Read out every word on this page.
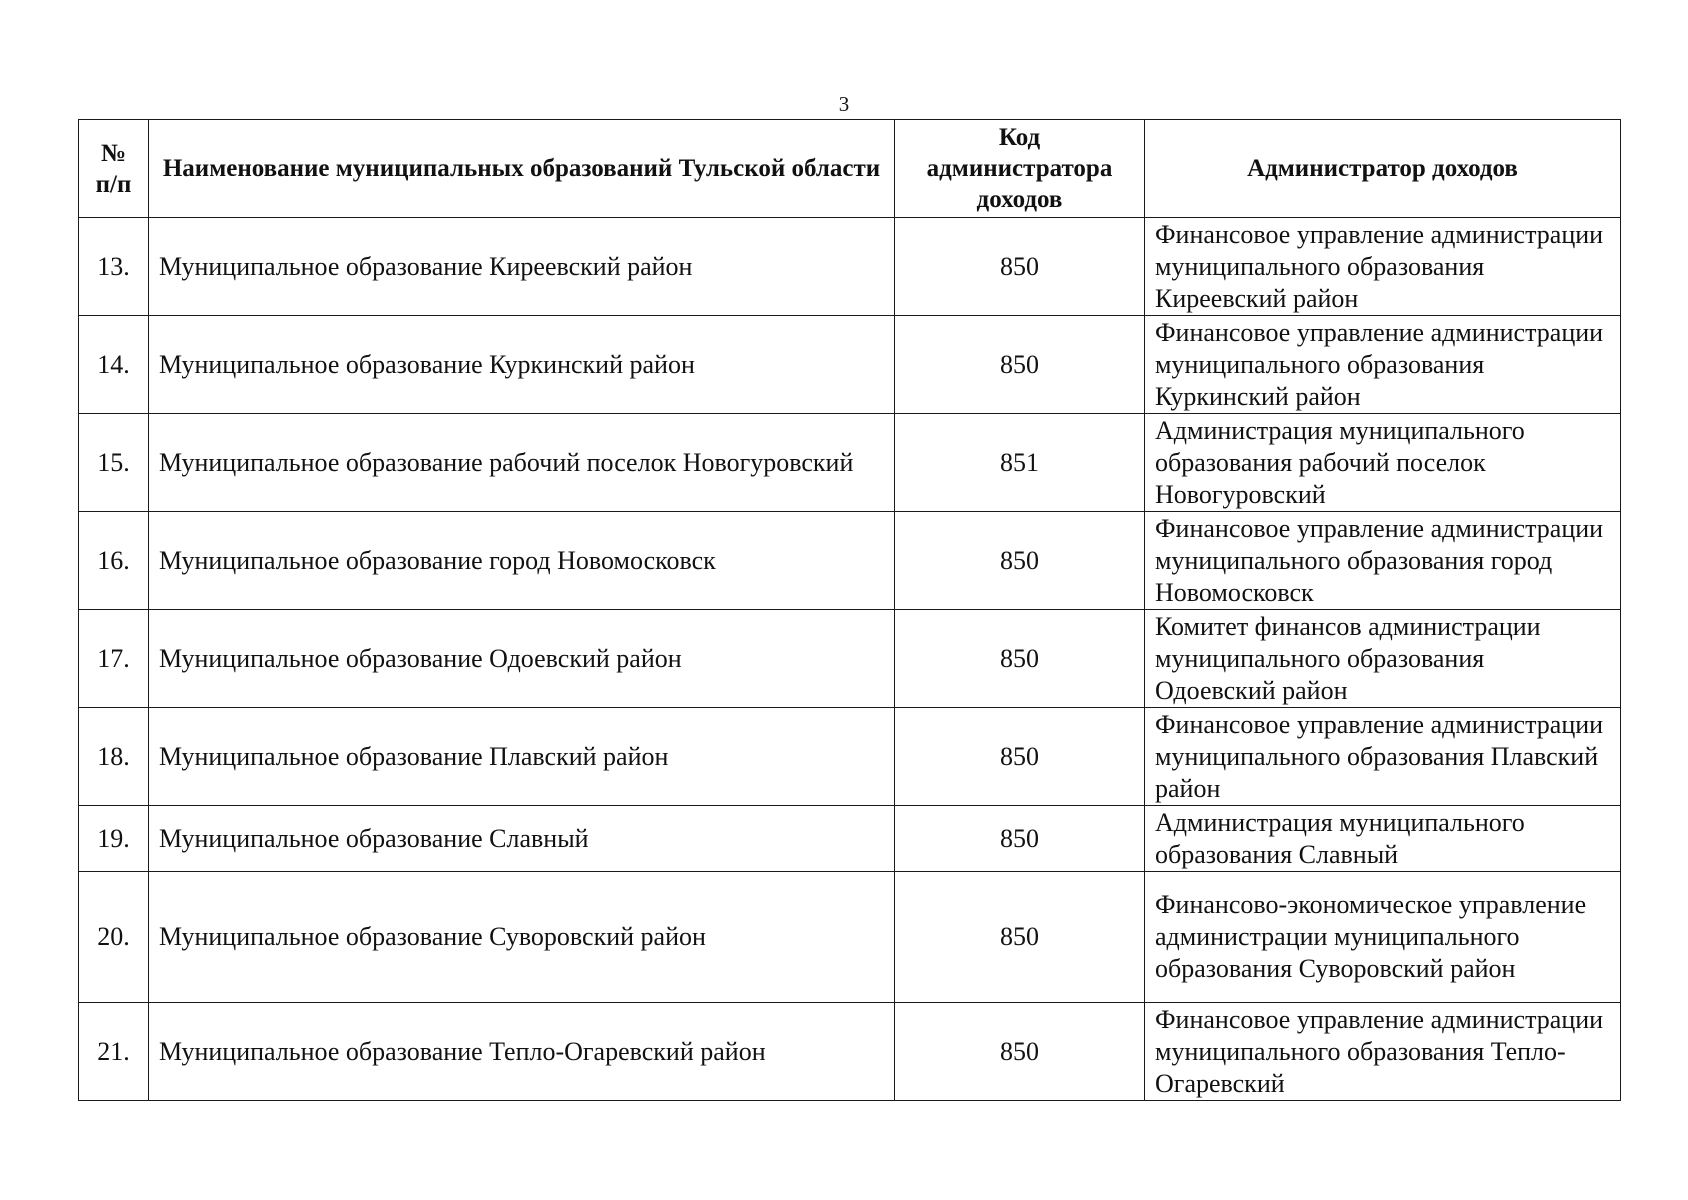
3
№ п/п	Наименование муниципальных образований Тульской области	Код администратора доходов	Администратор доходов
13.	Муниципальное образование Киреевский район	850	Финансовое управление администрации муниципального образования Киреевский район
14.	Муниципальное образование Куркинский район	850	Финансовое управление администрации муниципального образования Куркинский район
15.	Муниципальное образование рабочий поселок Новогуровский	851	Администрация муниципального образования рабочий поселок Новогуровский
16.	Муниципальное образование город Новомосковск	850	Финансовое управление администрации муниципального образования город Новомосковск
17.	Муниципальное образование Одоевский район	850	Комитет финансов администрации муниципального образования Одоевский район
18.	Муниципальное образование Плавский район	850	Финансовое управление администрации муниципального образования Плавский район
19.	Муниципальное образование Славный	850	Администрация муниципального образования Славный
20.	Муниципальное образование Суворовский район	850	Финансово-экономическое управление администрации муниципального образования Суворовский район
21.	Муниципальное образование Тепло-Огаревский район	850	Финансовое управление администрации муниципального образования Тепло-Огаревский
